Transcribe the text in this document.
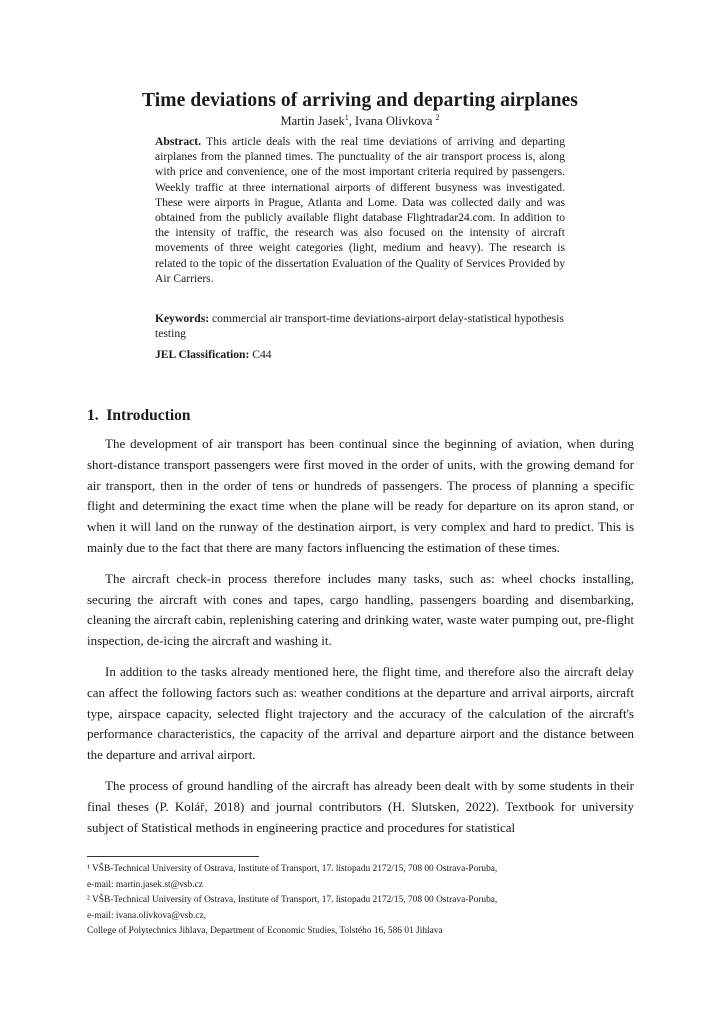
Time deviations of arriving and departing airplanes
Martin Jasek$^1$, Ivana Olivkova $^2$
Abstract. This article deals with the real time deviations of arriving and departing airplanes from the planned times. The punctuality of the air transport process is, along with price and convenience, one of the most important criteria required by passengers. Weekly traffic at three international airports of different busyness was investigated. These were airports in Prague, Atlanta and Lome. Data was collected daily and was obtained from the publicly available flight database Flightradar24.com. In addition to the intensity of traffic, the research was also focused on the intensity of aircraft movements of three weight categories (light, medium and heavy). The research is related to the topic of the dissertation Evaluation of the Quality of Services Provided by Air Carriers.
Keywords: commercial air transport-time deviations-airport delay-statistical hypothesis testing
JEL Classification: C44
1. Introduction

The development of air transport has been continual since the beginning of aviation, when during short-distance transport passengers were first moved in the order of units, with the growing demand for air transport, then in the order of tens or hundreds of passengers. The process of planning a specific flight and determining the exact time when the plane will be ready for departure on its apron stand, or when it will land on the runway of the destination airport, is very complex and hard to predict. This is mainly due to the fact that there are many factors influencing the estimation of these times.

The aircraft check-in process therefore includes many tasks, such as: wheel chocks installing, securing the aircraft with cones and tapes, cargo handling, passengers boarding and disembarking, cleaning the aircraft cabin, replenishing catering and drinking water, waste water pumping out, pre-flight inspection, de-icing the aircraft and washing it.

In addition to the tasks already mentioned here, the flight time, and therefore also the aircraft delay can affect the following factors such as: weather conditions at the departure and arrival airports, aircraft type, airspace capacity, selected flight trajectory and the accuracy of the calculation of the aircraft's performance characteristics, the capacity of the arrival and departure airport and the distance between the departure and arrival airport.

The process of ground handling of the aircraft has already been dealt with by some students in their final theses (P. Kolář, 2018) and journal contributors (H. Slutsken, 2022). Textbook for university subject of Statistical methods in engineering practice and procedures for statistical

¹ VŠB-Technical University of Ostrava, Institute of Transport, 17. listopadu 2172/15, 708 00 Ostrava-Poruba,
e-mail: martin.jasek.st@vsb.cz
² VŠB-Technical University of Ostrava, Institute of Transport, 17. listopadu 2172/15, 708 00 Ostrava-Poruba,
e-mail: ivana.olivkova@vsb.cz,
College of Polytechnics Jihlava, Department of Economic Studies, Tolstého 16, 586 01 Jihlava
